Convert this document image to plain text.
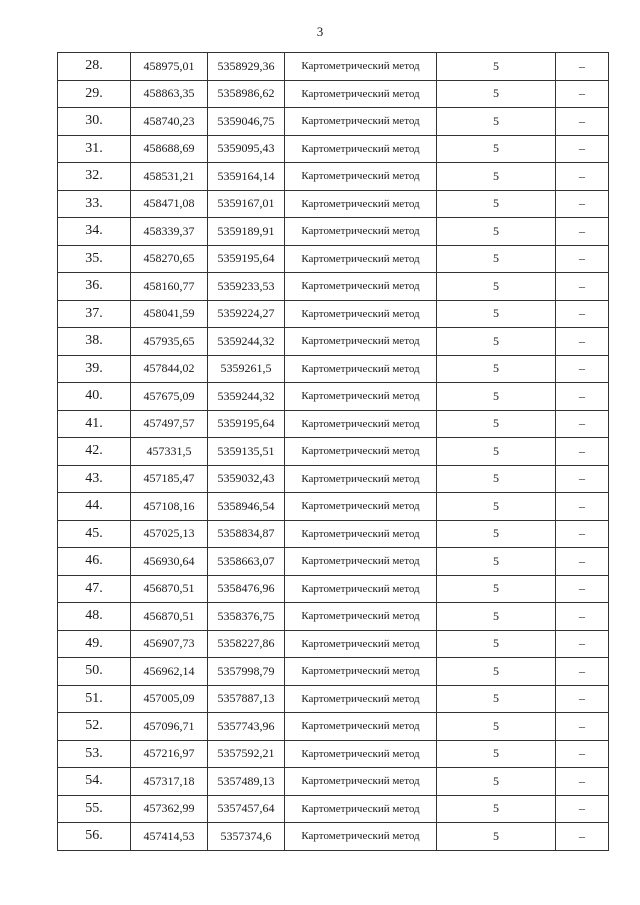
3
28.	458975,01	5358929,36	Картометрический метод	5	–
29.	458863,35	5358986,62	Картометрический метод	5	–
30.	458740,23	5359046,75	Картометрический метод	5	–
31.	458688,69	5359095,43	Картометрический метод	5	–
32.	458531,21	5359164,14	Картометрический метод	5	–
33.	458471,08	5359167,01	Картометрический метод	5	–
34.	458339,37	5359189,91	Картометрический метод	5	–
35.	458270,65	5359195,64	Картометрический метод	5	–
36.	458160,77	5359233,53	Картометрический метод	5	–
37.	458041,59	5359224,27	Картометрический метод	5	–
38.	457935,65	5359244,32	Картометрический метод	5	–
39.	457844,02	5359261,5	Картометрический метод	5	–
40.	457675,09	5359244,32	Картометрический метод	5	–
41.	457497,57	5359195,64	Картометрический метод	5	–
42.	457331,5	5359135,51	Картометрический метод	5	–
43.	457185,47	5359032,43	Картометрический метод	5	–
44.	457108,16	5358946,54	Картометрический метод	5	–
45.	457025,13	5358834,87	Картометрический метод	5	–
46.	456930,64	5358663,07	Картометрический метод	5	–
47.	456870,51	5358476,96	Картометрический метод	5	–
48.	456870,51	5358376,75	Картометрический метод	5	–
49.	456907,73	5358227,86	Картометрический метод	5	–
50.	456962,14	5357998,79	Картометрический метод	5	–
51.	457005,09	5357887,13	Картометрический метод	5	–
52.	457096,71	5357743,96	Картометрический метод	5	–
53.	457216,97	5357592,21	Картометрический метод	5	–
54.	457317,18	5357489,13	Картометрический метод	5	–
55.	457362,99	5357457,64	Картометрический метод	5	–
56.	457414,53	5357374,6	Картометрический метод	5	–
